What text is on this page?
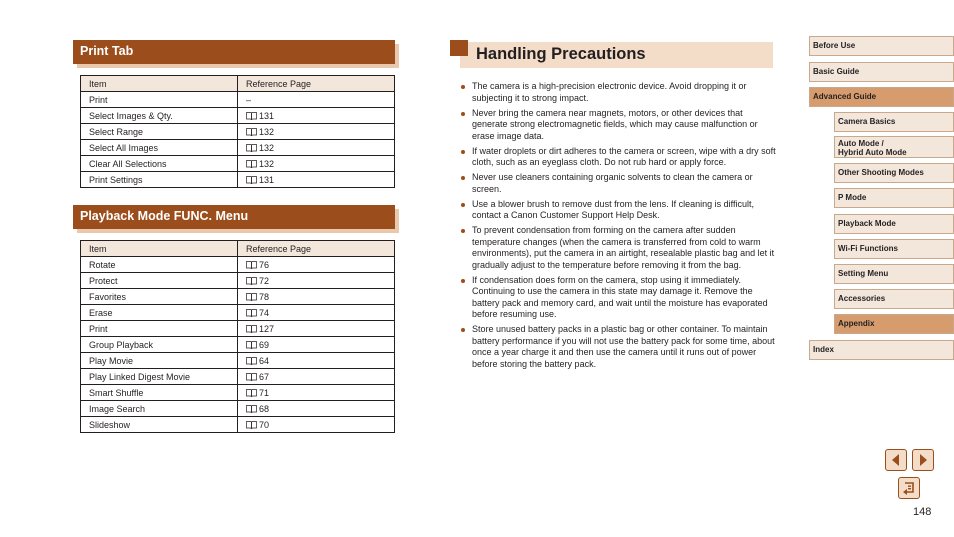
Print Tab
Item	Reference Page
Print	–
Select Images & Qty.	131
Select Range	132
Select All Images	132
Clear All Selections	132
Print Settings	131
Playback Mode FUNC. Menu
Item	Reference Page
Rotate	76
Protect	72
Favorites	78
Erase	74
Print	127
Group Playback	69
Play Movie	64
Play Linked Digest Movie	67
Smart Shuffle	71
Image Search	68
Slideshow	70
Handling Precautions
The camera is a high-precision electronic device. Avoid dropping it or subjecting it to strong impact.
Never bring the camera near magnets, motors, or other devices that generate strong electromagnetic fields, which may cause malfunction or erase image data.
If water droplets or dirt adheres to the camera or screen, wipe with a dry soft cloth, such as an eyeglass cloth. Do not rub hard or apply force.
Never use cleaners containing organic solvents to clean the camera or screen.
Use a blower brush to remove dust from the lens. If cleaning is difficult, contact a Canon Customer Support Help Desk.
To prevent condensation from forming on the camera after sudden temperature changes (when the camera is transferred from cold to warm environments), put the camera in an airtight, resealable plastic bag and let it gradually adjust to the temperature before removing it from the bag.
If condensation does form on the camera, stop using it immediately. Continuing to use the camera in this state may damage it. Remove the battery pack and memory card, and wait until the moisture has evaporated before resuming use.
Store unused battery packs in a plastic bag or other container. To maintain battery performance if you will not use the battery pack for some time, about once a year charge it and then use the camera until it runs out of power before storing the battery pack.
Before Use
Basic Guide
Advanced Guide
Camera Basics
Auto Mode /
Hybrid Auto Mode
Other Shooting Modes
P Mode
Playback Mode
Wi-Fi Functions
Setting Menu
Accessories
Appendix
Index
148
